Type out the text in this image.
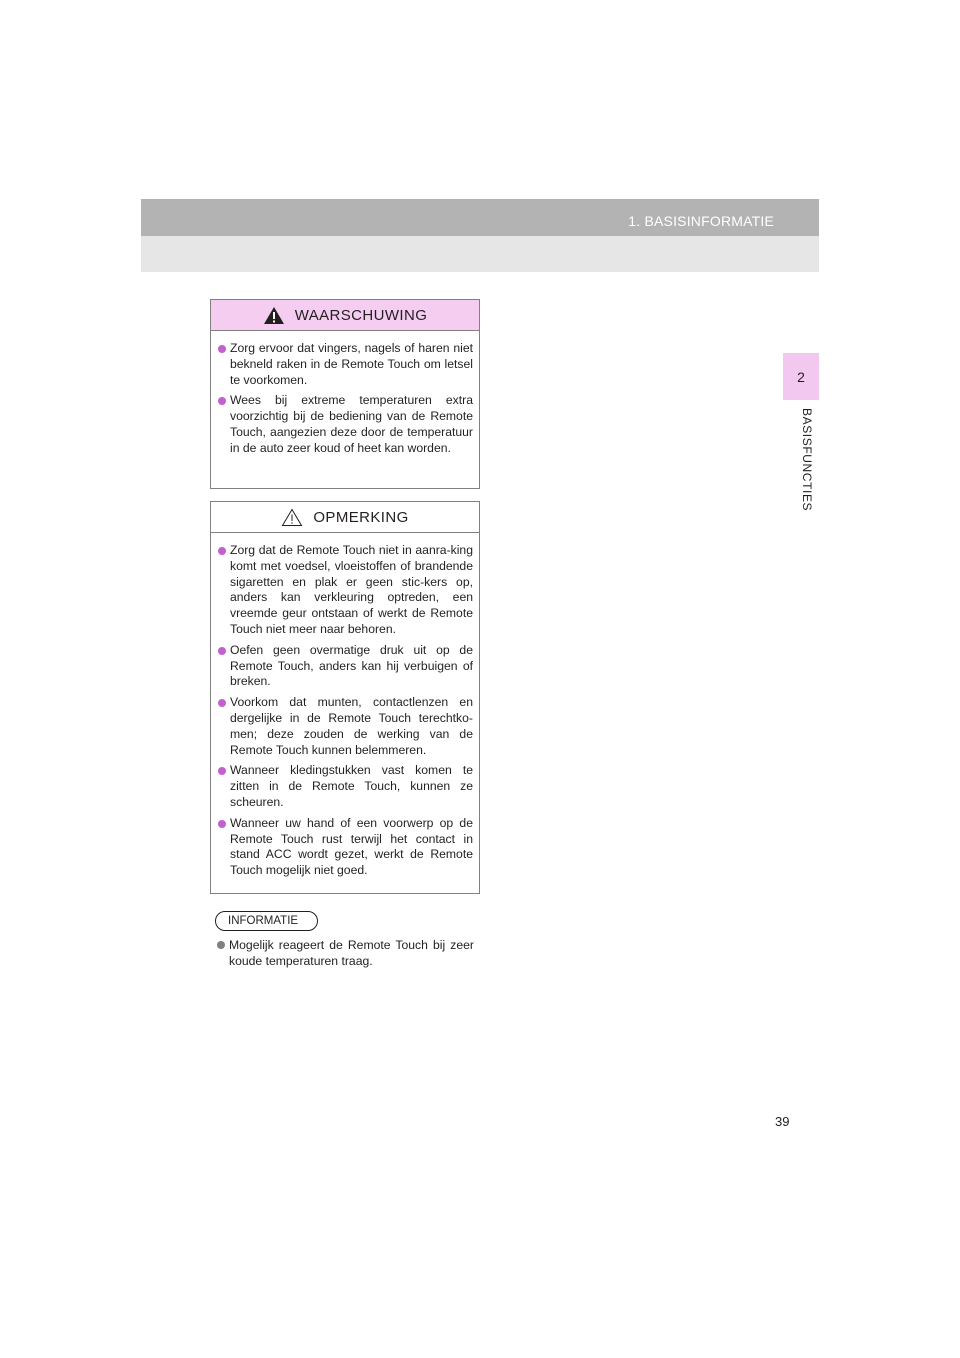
1. BASISINFORMATIE
2
BASISFUNCTIES
WAARSCHUWING
Zorg ervoor dat vingers, nagels of haren niet bekneld raken in de Remote Touch om letsel te voorkomen.
Wees bij extreme temperaturen extra voorzichtig bij de bediening van de Remote Touch, aangezien deze door de temperatuur in de auto zeer koud of heet kan worden.
OPMERKING
Zorg dat de Remote Touch niet in aanra-king komt met voedsel, vloeistoffen of brandende sigaretten en plak er geen stic-kers op, anders kan verkleuring optreden, een vreemde geur ontstaan of werkt de Remote Touch niet meer naar behoren.
Oefen geen overmatige druk uit op de Remote Touch, anders kan hij verbuigen of breken.
Voorkom dat munten, contactlenzen en dergelijke in de Remote Touch terechtko-men; deze zouden de werking van de Remote Touch kunnen belemmeren.
Wanneer kledingstukken vast komen te zitten in de Remote Touch, kunnen ze scheuren.
Wanneer uw hand of een voorwerp op de Remote Touch rust terwijl het contact in stand ACC wordt gezet, werkt de Remote Touch mogelijk niet goed.
INFORMATIE
Mogelijk reageert de Remote Touch bij zeer koude temperaturen traag.
39
